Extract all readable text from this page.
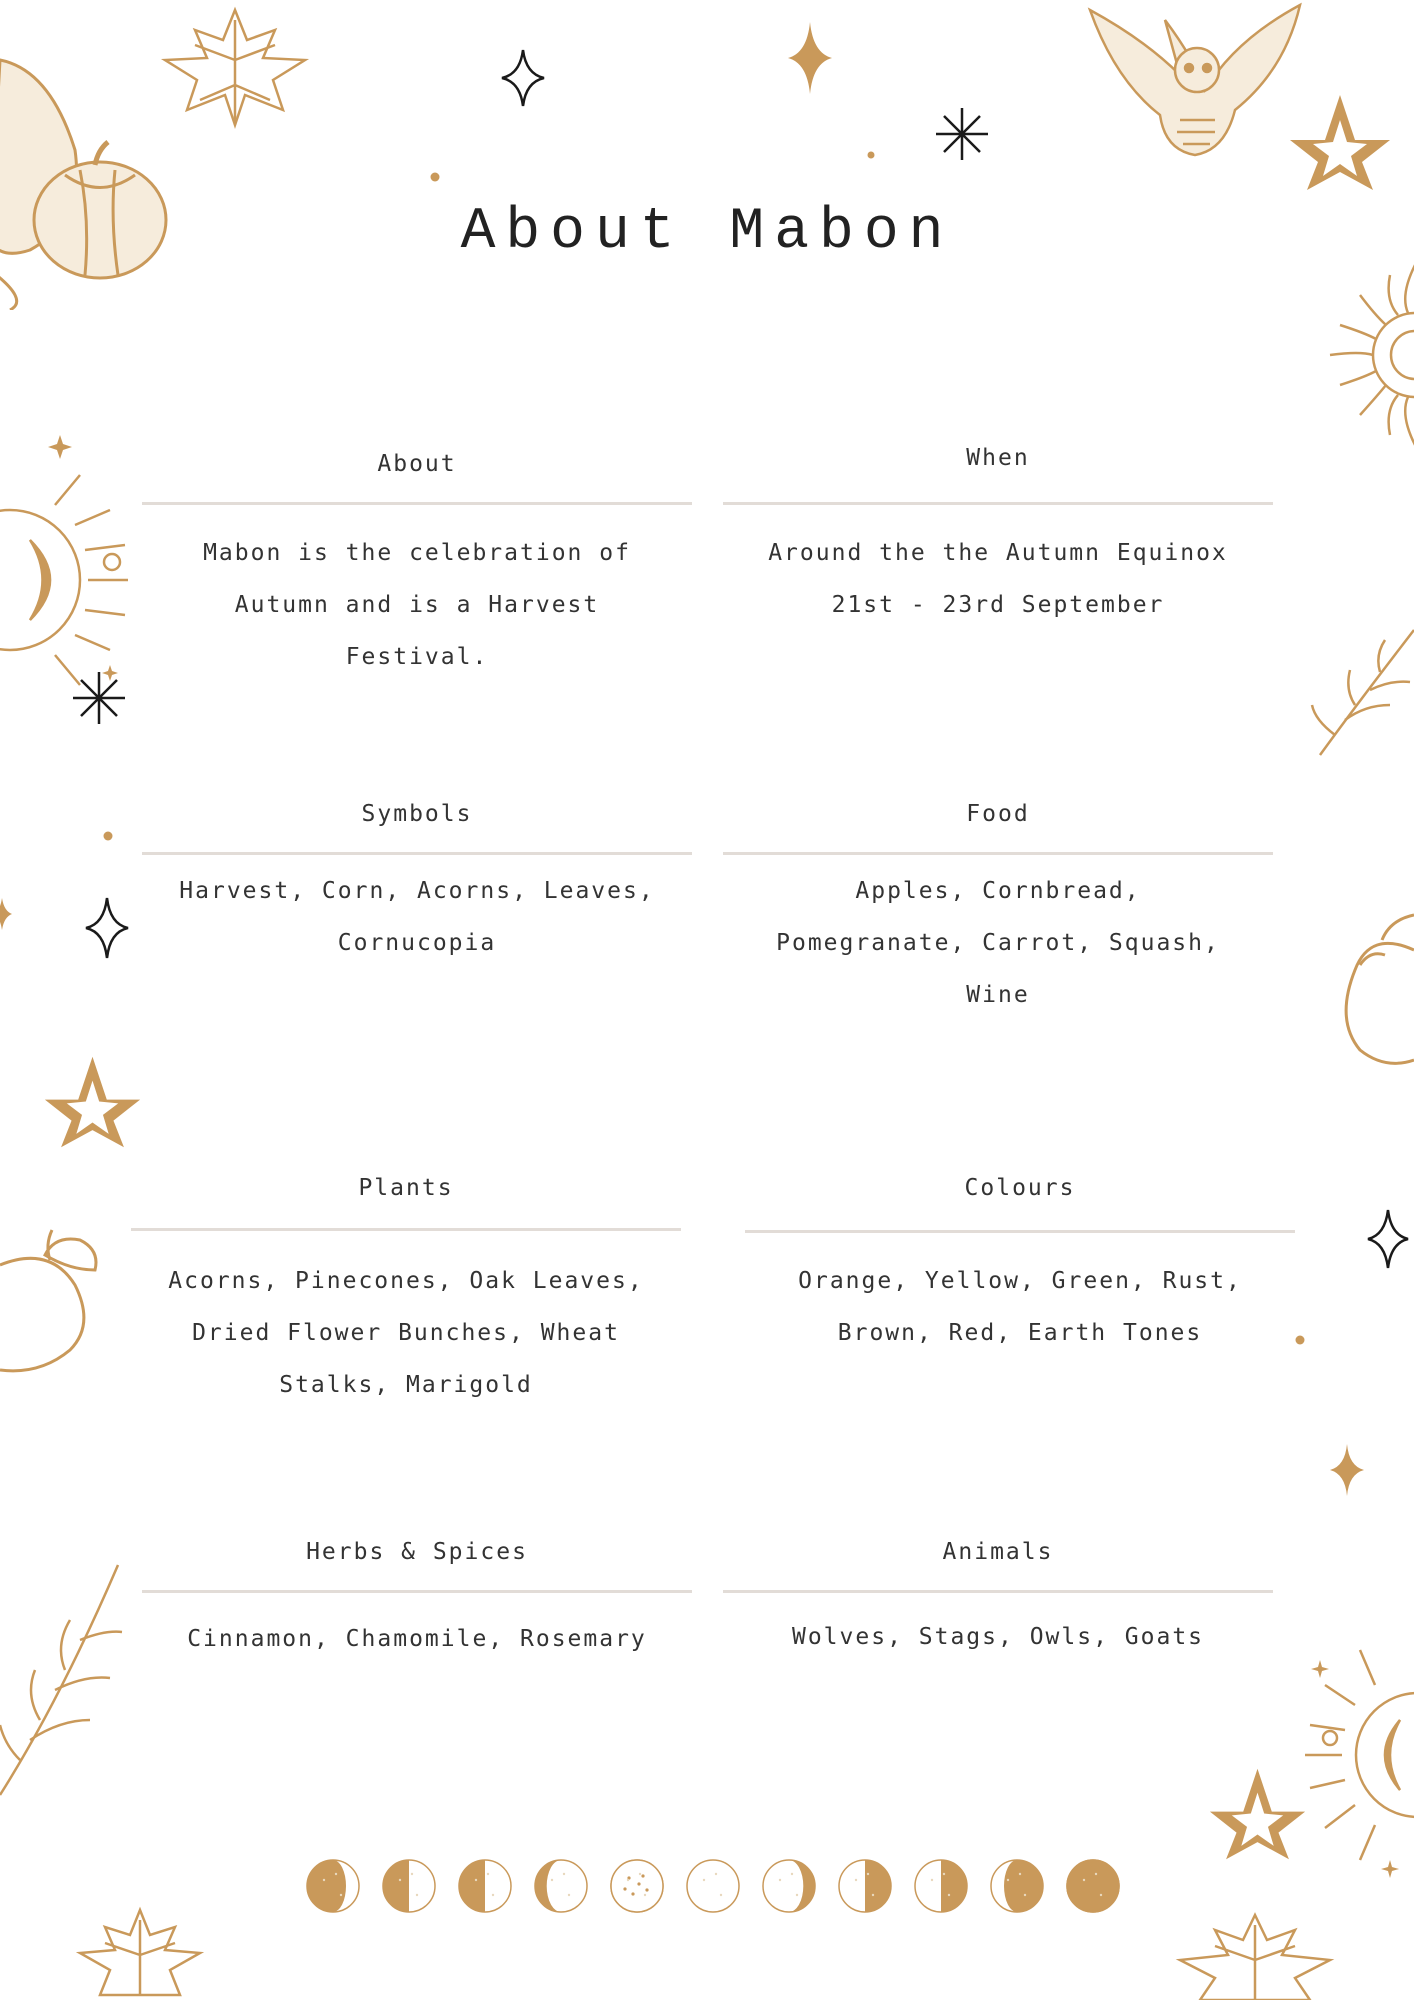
About Mabon
About
Mabon is the celebration of
Autumn and is a Harvest
Festival.
When
Around the the Autumn Equinox
21st - 23rd September
Symbols
Harvest, Corn, Acorns, Leaves,
Cornucopia
Food
Apples, Cornbread,
Pomegranate, Carrot, Squash,
Wine
Plants
Acorns, Pinecones, Oak Leaves,
Dried Flower Bunches, Wheat
Stalks, Marigold
Colours
Orange, Yellow, Green, Rust,
Brown, Red, Earth Tones
Herbs & Spices
Cinnamon, Chamomile, Rosemary
Animals
Wolves, Stags, Owls, Goats
